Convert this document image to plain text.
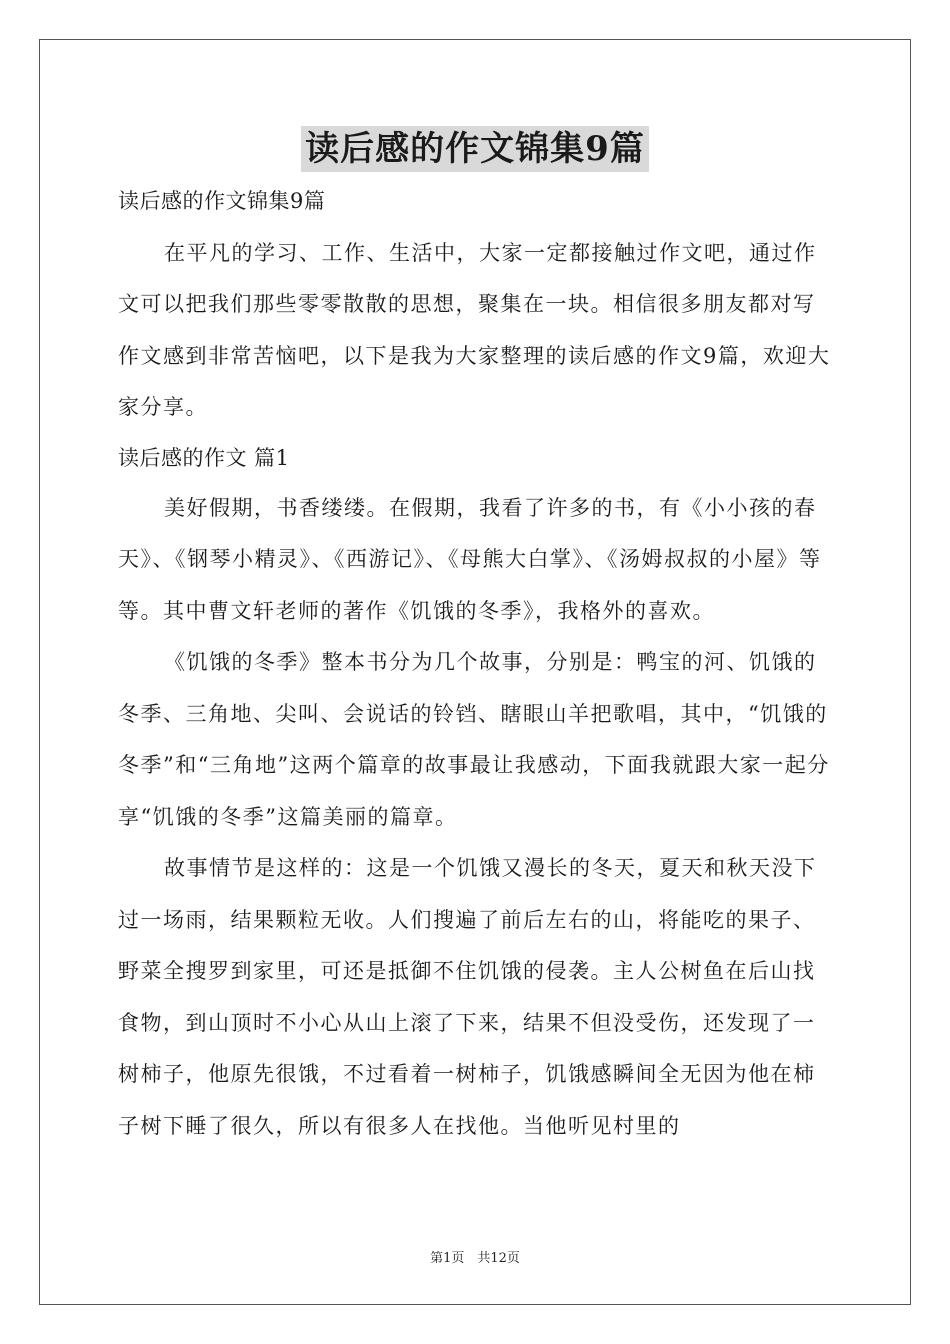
读后感的作文锦集9篇
读后感的作文锦集9篇

在平凡的学习、工作、生活中，大家一定都接触过作文吧，通过作文可以把我们那些零零散散的思想，聚集在一块。相信很多朋友都对写作文感到非常苦恼吧，以下是我为大家整理的读后感的作文9篇，欢迎大家分享。

读后感的作文 篇1

美好假期，书香缕缕。在假期，我看了许多的书，有《小小孩的春天》、《钢琴小精灵》、《西游记》、《母熊大白掌》、《汤姆叔叔的小屋》等等。其中曹文轩老师的著作《饥饿的冬季》，我格外的喜欢。

《饥饿的冬季》整本书分为几个故事，分别是：鸭宝的河、饥饿的冬季、三角地、尖叫、会说话的铃铛、瞎眼山羊把歌唱，其中，“饥饿的冬季”和“三角地”这两个篇章的故事最让我感动，下面我就跟大家一起分享“饥饿的冬季”这篇美丽的篇章。

故事情节是这样的：这是一个饥饿又漫长的冬天，夏天和秋天没下过一场雨，结果颗粒无收。人们搜遍了前后左右的山，将能吃的果子、野菜全搜罗到家里，可还是抵御不住饥饿的侵袭。主人公树鱼在后山找食物，到山顶时不小心从山上滚了下来，结果不但没受伤，还发现了一树柿子，他原先很饿，不过看着一树柿子，饥饿感瞬间全无因为他在柿子树下睡了很久，所以有很多人在找他。当他听见村里的

第1页　共12页
